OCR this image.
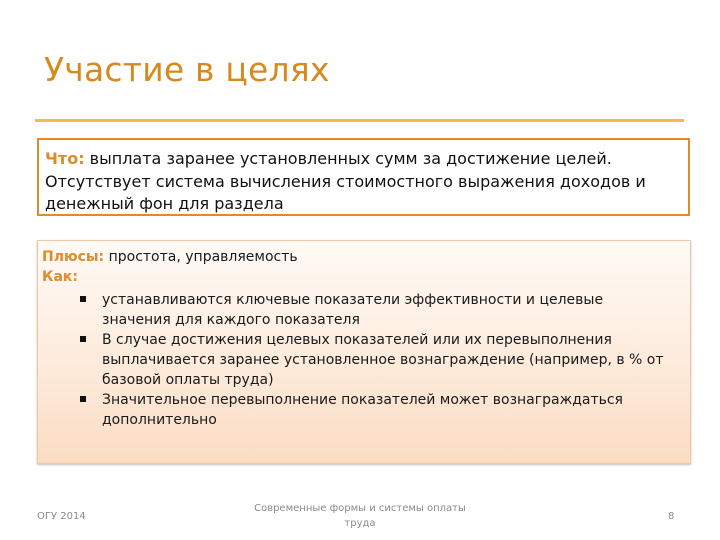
Участие в целях
Что: выплата заранее установленных сумм за достижение целей. Отсутствует система вычисления стоимостного выражения доходов и денежный фон для раздела
Плюсы: простота, управляемость
Как:
устанавливаются ключевые показатели эффективности и целевые значения для каждого показателя
В случае достижения целевых показателей или их перевыполнения выплачивается заранее установленное вознаграждение (например, в % от базовой оплаты труда)
Значительное перевыполнение показателей может вознаграждаться дополнительно
ОГУ 2014
Современные формы и системы оплаты труда
8
